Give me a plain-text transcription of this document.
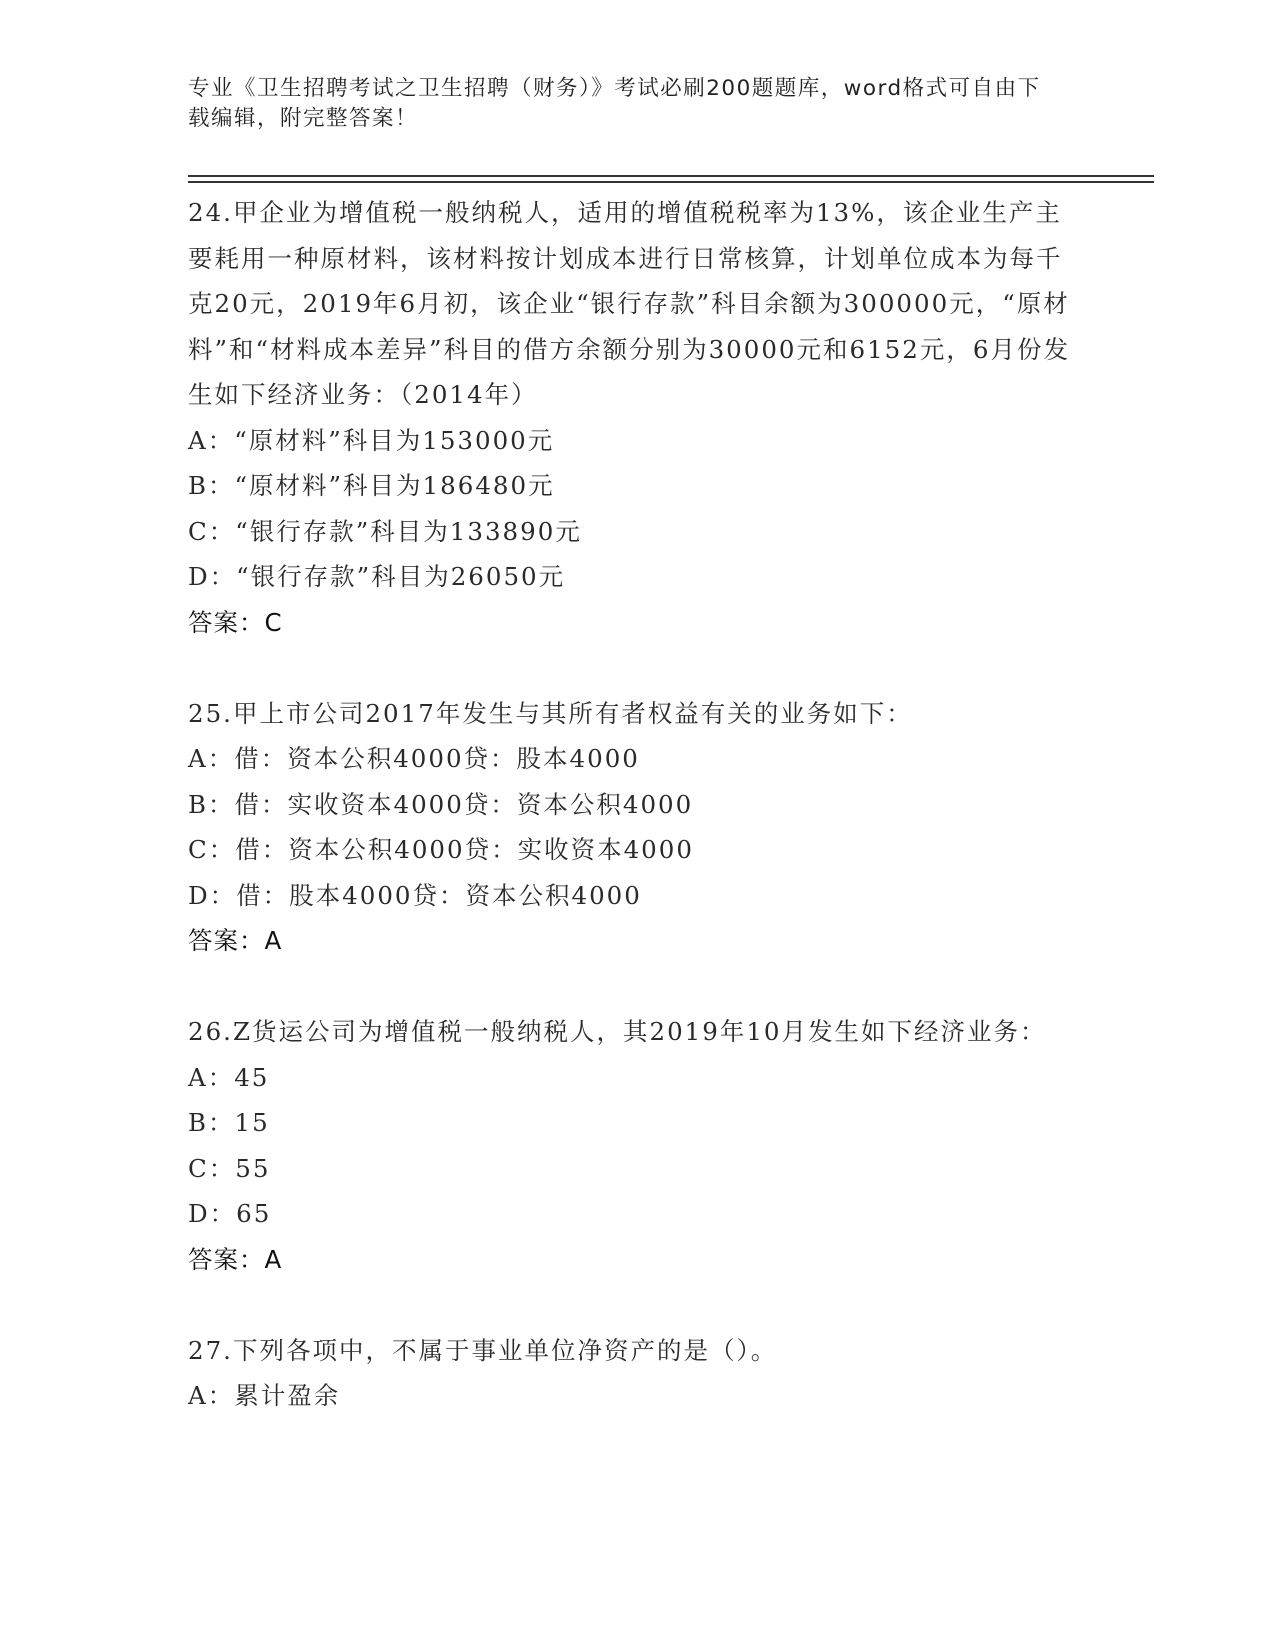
专业《卫生招聘考试之卫生招聘（财务）》考试必刷200题题库，word格式可自由下载编辑，附完整答案！

24.甲企业为增值税一般纳税人，适用的增值税税率为13%，该企业生产主要耗用一种原材料，该材料按计划成本进行日常核算，计划单位成本为每千克20元，2019年6月初，该企业“银行存款”科目余额为300000元，“原材料”和“材料成本差异”科目的借方余额分别为30000元和6152元，6月份发生如下经济业务：（2014年）

A：“原材料”科目为153000元

B：“原材料”科目为186480元

C：“银行存款”科目为133890元

D：“银行存款”科目为26050元

答案：C

25.甲上市公司2017年发生与其所有者权益有关的业务如下：

A：借：资本公积4000贷：股本4000

B：借：实收资本4000贷：资本公积4000

C：借：资本公积4000贷：实收资本4000

D：借：股本4000贷：资本公积4000

答案：A

26.Z货运公司为增值税一般纳税人，其2019年10月发生如下经济业务：

A：45

B：15

C：55

D：65

答案：A

27.下列各项中，不属于事业单位净资产的是（）。

A：累计盈余
